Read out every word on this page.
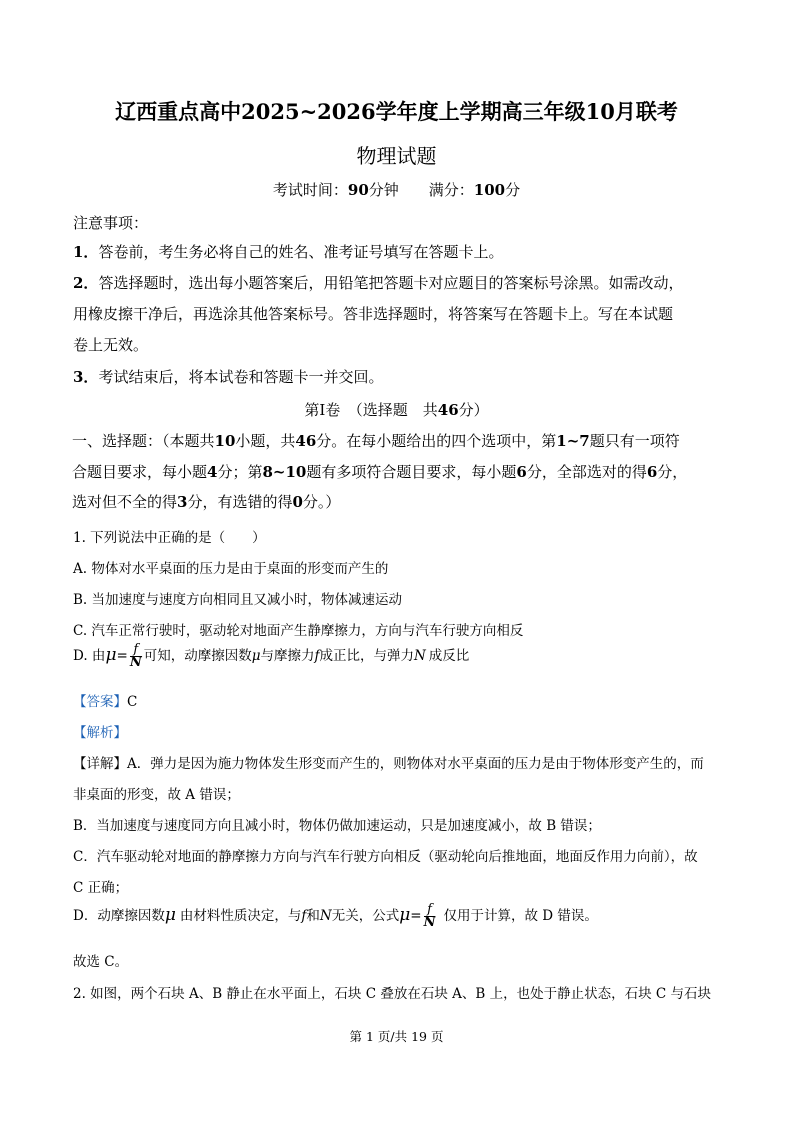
辽西重点高中2025~2026学年度上学期高三年级10月联考
物理试题
考试时间：90分钟 满分：100分
注意事项：
1．答卷前，考生务必将自己的姓名、准考证号填写在答题卡上。
2．答选择题时，选出每小题答案后，用铅笔把答题卡对应题目的答案标号涂黑。如需改动，
用橡皮擦干净后，再选涂其他答案标号。答非选择题时，将答案写在答题卡上。写在本试题
卷上无效。
3．考试结束后，将本试卷和答题卡一并交回。
第Ⅰ卷　（选择题　共46分）
一、选择题：（本题共10小题，共46分。在每小题给出的四个选项中，第1~7题只有一项符
合题目要求，每小题4分；第8~10题有多项符合题目要求，每小题6分，全部选对的得6分，
选对但不全的得3分，有选错的得0分。）
1. 下列说法中正确的是（　　）
A. 物体对水平桌面的压力是由于桌面的形变而产生的
B. 当加速度与速度方向相同且又减小时，物体减速运动
C. 汽车正常行驶时，驱动轮对地面产生静摩擦力，方向与汽车行驶方向相反
D. 由$\mu= \frac{f}{N}$ 可知，动摩擦因数μ与摩擦力f成正比，与弹力N 成反比
【答案】C
【解析】
【详解】A．弹力是因为施力物体发生形变而产生的，则物体对水平桌面的压力是由于物体形变产生的，而
非桌面的形变，故 A 错误；
B．当加速度与速度同方向且减小时，物体仍做加速运动，只是加速度减小，故 B 错误；
C．汽车驱动轮对地面的静摩擦力方向与汽车行驶方向相反（驱动轮向后推地面，地面反作用力向前），故
C 正确；
D．动摩擦因数μ 由材料性质决定，与f和N无关，公式$\mu= \frac{f}{N}$ 仅用于计算，故 D 错误。
故选 C。
2. 如图，两个石块 A、B 静止在水平面上，石块 C 叠放在石块 A、B 上，也处于静止状态，石块 C 与石块
第 1 页/共 19 页
